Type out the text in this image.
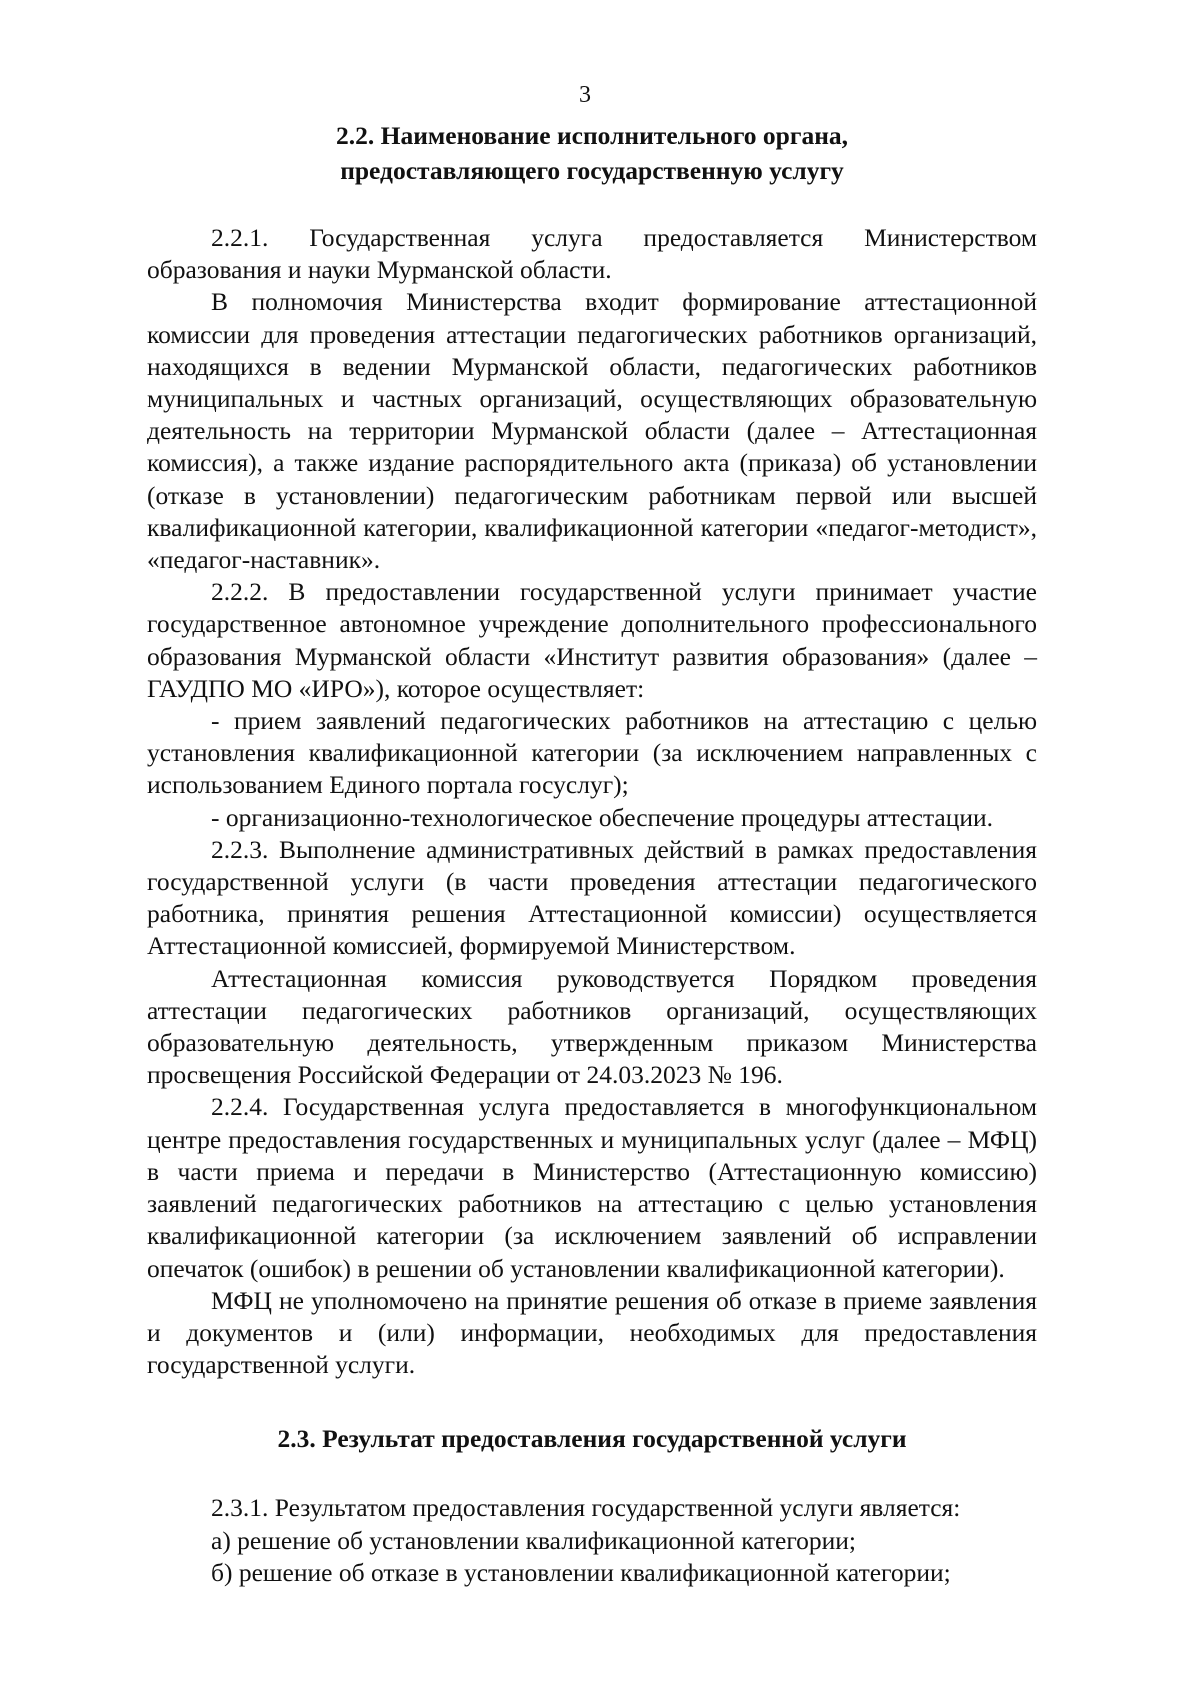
3
2.2. Наименование исполнительного органа,
предоставляющего государственную услугу

2.2.1. Государственная услуга предоставляется Министерством образования и науки Мурманской области.

В полномочия Министерства входит формирование аттестационной комиссии для проведения аттестации педагогических работников организаций, находящихся в ведении Мурманской области, педагогических работников муниципальных и частных организаций, осуществляющих образовательную деятельность на территории Мурманской области (далее – Аттестационная комиссия), а также издание распорядительного акта (приказа) об установлении (отказе в установлении) педагогическим работникам первой или высшей квалификационной категории, квалификационной категории «педагог-методист», «педагог-наставник».

2.2.2. В предоставлении государственной услуги принимает участие государственное автономное учреждение дополнительного профессионального образования Мурманской области «Институт развития образования» (далее – ГАУДПО МО «ИРО»), которое осуществляет:

- прием заявлений педагогических работников на аттестацию с целью установления квалификационной категории (за исключением направленных с использованием Единого портала госуслуг);

- организационно-технологическое обеспечение процедуры аттестации.

2.2.3. Выполнение административных действий в рамках предоставления государственной услуги (в части проведения аттестации педагогического работника, принятия решения Аттестационной комиссии) осуществляется Аттестационной комиссией, формируемой Министерством.

Аттестационная комиссия руководствуется Порядком проведения аттестации педагогических работников организаций, осуществляющих образовательную деятельность, утвержденным приказом Министерства просвещения Российской Федерации от 24.03.2023 № 196.

2.2.4. Государственная услуга предоставляется в многофункциональном центре предоставления государственных и муниципальных услуг (далее – МФЦ) в части приема и передачи в Министерство (Аттестационную комиссию) заявлений педагогических работников на аттестацию с целью установления квалификационной категории (за исключением заявлений об исправлении опечаток (ошибок) в решении об установлении квалификационной категории).

МФЦ не уполномочено на принятие решения об отказе в приеме заявления и документов и (или) информации, необходимых для предоставления государственной услуги.

2.3. Результат предоставления государственной услуги

2.3.1. Результатом предоставления государственной услуги является:

а) решение об установлении квалификационной категории;

б) решение об отказе в установлении квалификационной категории;
